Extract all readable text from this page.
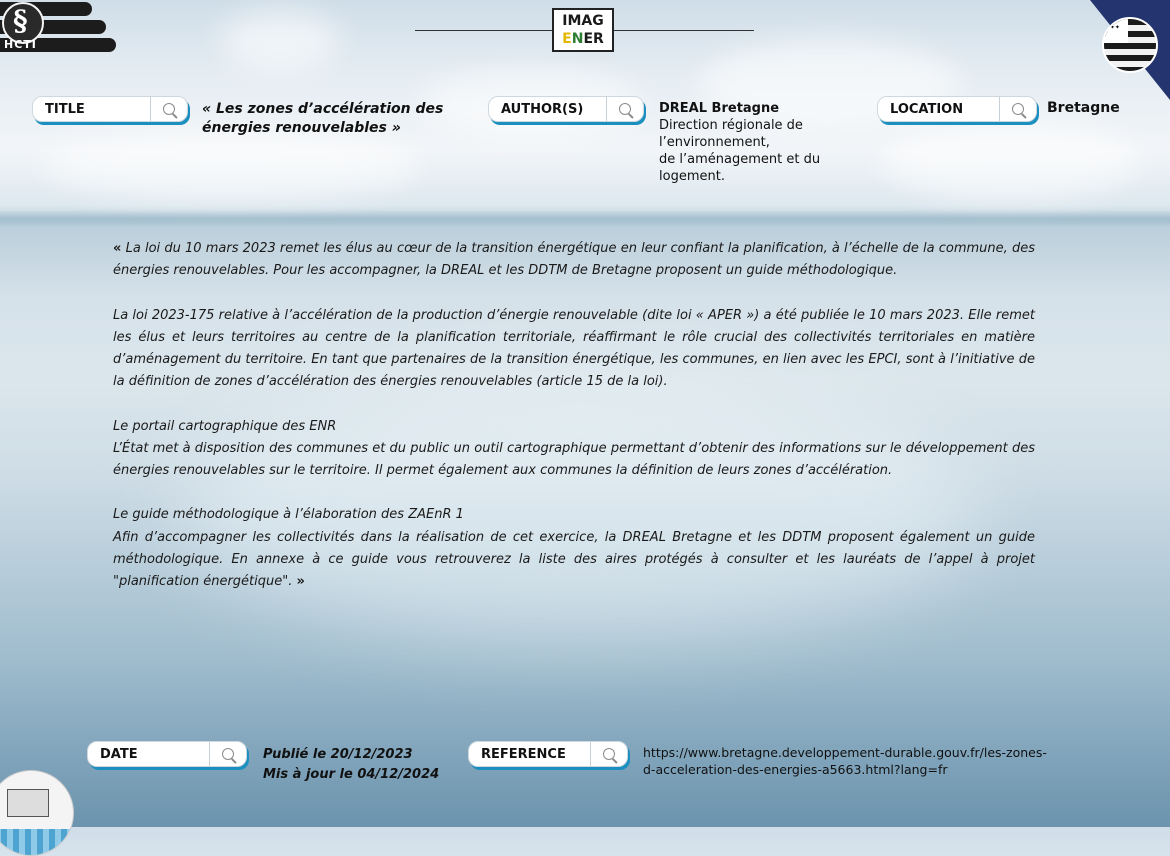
§
HCTI
IMAG
ENER
✦ ✦ ✦
TITLE	« Les zones d’accélération des énergies renouvelables »
AUTHOR(S)	DREAL Bretagne
Direction régionale de
l’environnement,
de l’aménagement et du
logement.
LOCATION	Bretagne

« La loi du 10 mars 2023 remet les élus au cœur de la transition énergétique en leur confiant la planification, à l’échelle de la commune, des énergies renouvelables. Pour les accompagner, la DREAL et les DDTM de Bretagne proposent un guide méthodologique.

La loi 2023-175 relative à l’accélération de la production d’énergie renouvelable (dite loi « APER ») a été publiée le 10 mars 2023. Elle remet les élus et leurs territoires au centre de la planification territoriale, réaffirmant le rôle crucial des collectivités territoriales en matière d’aménagement du territoire. En tant que partenaires de la transition énergétique, les communes, en lien avec les EPCI, sont à l’initiative de la définition de zones d’accélération des énergies renouvelables (article 15 de la loi).

Le portail cartographique des ENR
L’État met à disposition des communes et du public un outil cartographique permettant d’obtenir des informations sur le développement des énergies renouvelables sur le territoire. Il permet également aux communes la définition de leurs zones d’accélération.

Le guide méthodologique à l’élaboration des ZAEnR 1
Afin d’accompagner les collectivités dans la réalisation de cet exercice, la DREAL Bretagne et les DDTM proposent également un guide méthodologique. En annexe à ce guide vous retrouverez la liste des aires protégés à consulter et les lauréats de l’appel à projet "planification énergétique". »

DATE	Publié le 20/12/2023
Mis à jour le 04/12/2024
REFERENCE	https://www.bretagne.developpement-durable.gouv.fr/les-zones-
d-acceleration-des-energies-a5663.html?lang=fr
